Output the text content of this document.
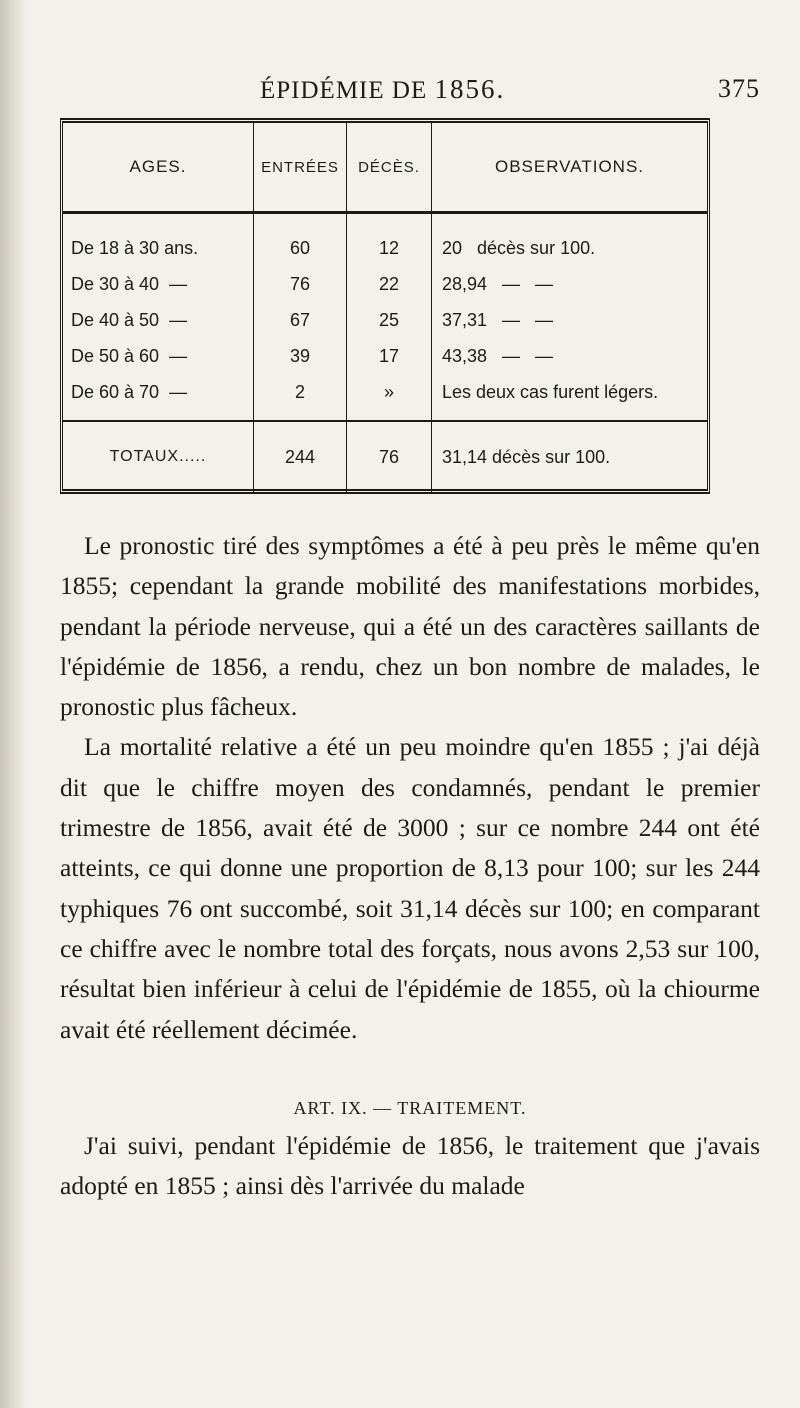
ÉPIDÉMIE DE 1856.	375
AGES.	ENTRÉES	DÉCÈS.	OBSERVATIONS.
De 18 à 30 ans.	60	12	20   décès sur 100.
De 30 à 40  —	76	22	28,94   —   —
De 40 à 50  —	67	25	37,31   —   —
De 50 à 60  —	39	17	43,38   —   —
De 60 à 70  —	2	»	Les deux cas furent légers.
TOTAUX.....	244	76	31,14 décès sur 100.

Le pronostic tiré des symptômes a été à peu près le même qu'en 1855; cependant la grande mobilité des manifestations morbides, pendant la période nerveuse, qui a été un des caractères saillants de l'épidémie de 1856, a rendu, chez un bon nombre de malades, le pronostic plus fâcheux.

La mortalité relative a été un peu moindre qu'en 1855 ; j'ai déjà dit que le chiffre moyen des condamnés, pendant le premier trimestre de 1856, avait été de 3000 ; sur ce nombre 244 ont été atteints, ce qui donne une proportion de 8,13 pour 100; sur les 244 typhiques 76 ont succombé, soit 31,14 décès sur 100; en comparant ce chiffre avec le nombre total des forçats, nous avons 2,53 sur 100, résultat bien inférieur à celui de l'épidémie de 1855, où la chiourme avait été réellement décimée.

ART. IX. — TRAITEMENT.

J'ai suivi, pendant l'épidémie de 1856, le traitement que j'avais adopté en 1855 ; ainsi dès l'arrivée du malade
